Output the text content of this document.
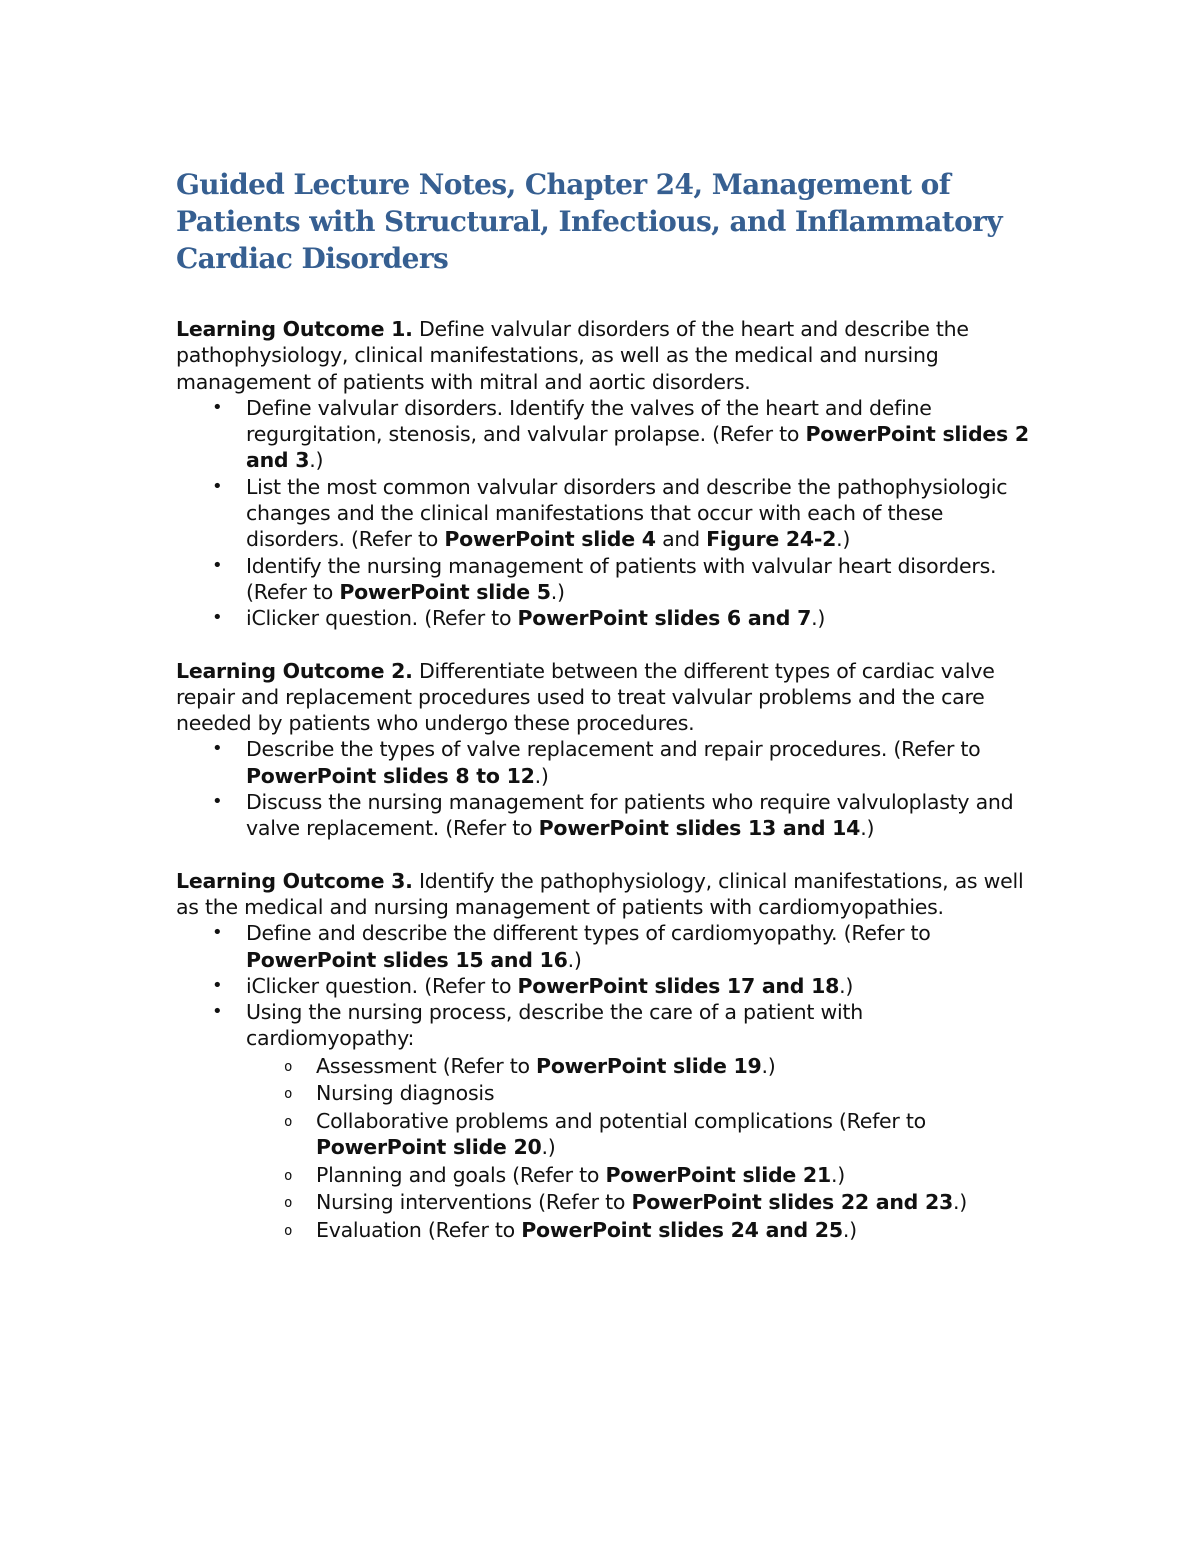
Guided Lecture Notes, Chapter 24, Management of Patients with Structural, Infectious, and Inflammatory Cardiac Disorders

Learning Outcome 1. Define valvular disorders of the heart and describe the pathophysiology, clinical manifestations, as well as the medical and nursing management of patients with mitral and aortic disorders.

• Define valvular disorders. Identify the valves of the heart and define regurgitation, stenosis, and valvular prolapse. (Refer to PowerPoint slides 2 and 3.)
• List the most common valvular disorders and describe the pathophysiologic changes and the clinical manifestations that occur with each of these disorders. (Refer to PowerPoint slide 4 and Figure 24-2.)
• Identify the nursing management of patients with valvular heart disorders. (Refer to PowerPoint slide 5.)
• iClicker question. (Refer to PowerPoint slides 6 and 7.)

Learning Outcome 2. Differentiate between the different types of cardiac valve repair and replacement procedures used to treat valvular problems and the care needed by patients who undergo these procedures.

• Describe the types of valve replacement and repair procedures. (Refer to PowerPoint slides 8 to 12.)
• Discuss the nursing management for patients who require valvuloplasty and valve replacement. (Refer to PowerPoint slides 13 and 14.)

Learning Outcome 3. Identify the pathophysiology, clinical manifestations, as well as the medical and nursing management of patients with cardiomyopathies.

• Define and describe the different types of cardiomyopathy. (Refer to PowerPoint slides 15 and 16.)
• iClicker question. (Refer to PowerPoint slides 17 and 18.)
• Using the nursing process, describe the care of a patient with cardiomyopathy:
o Assessment (Refer to PowerPoint slide 19.)
o Nursing diagnosis
o Collaborative problems and potential complications (Refer to PowerPoint slide 20.)
o Planning and goals (Refer to PowerPoint slide 21.)
o Nursing interventions (Refer to PowerPoint slides 22 and 23.)
o Evaluation (Refer to PowerPoint slides 24 and 25.)
